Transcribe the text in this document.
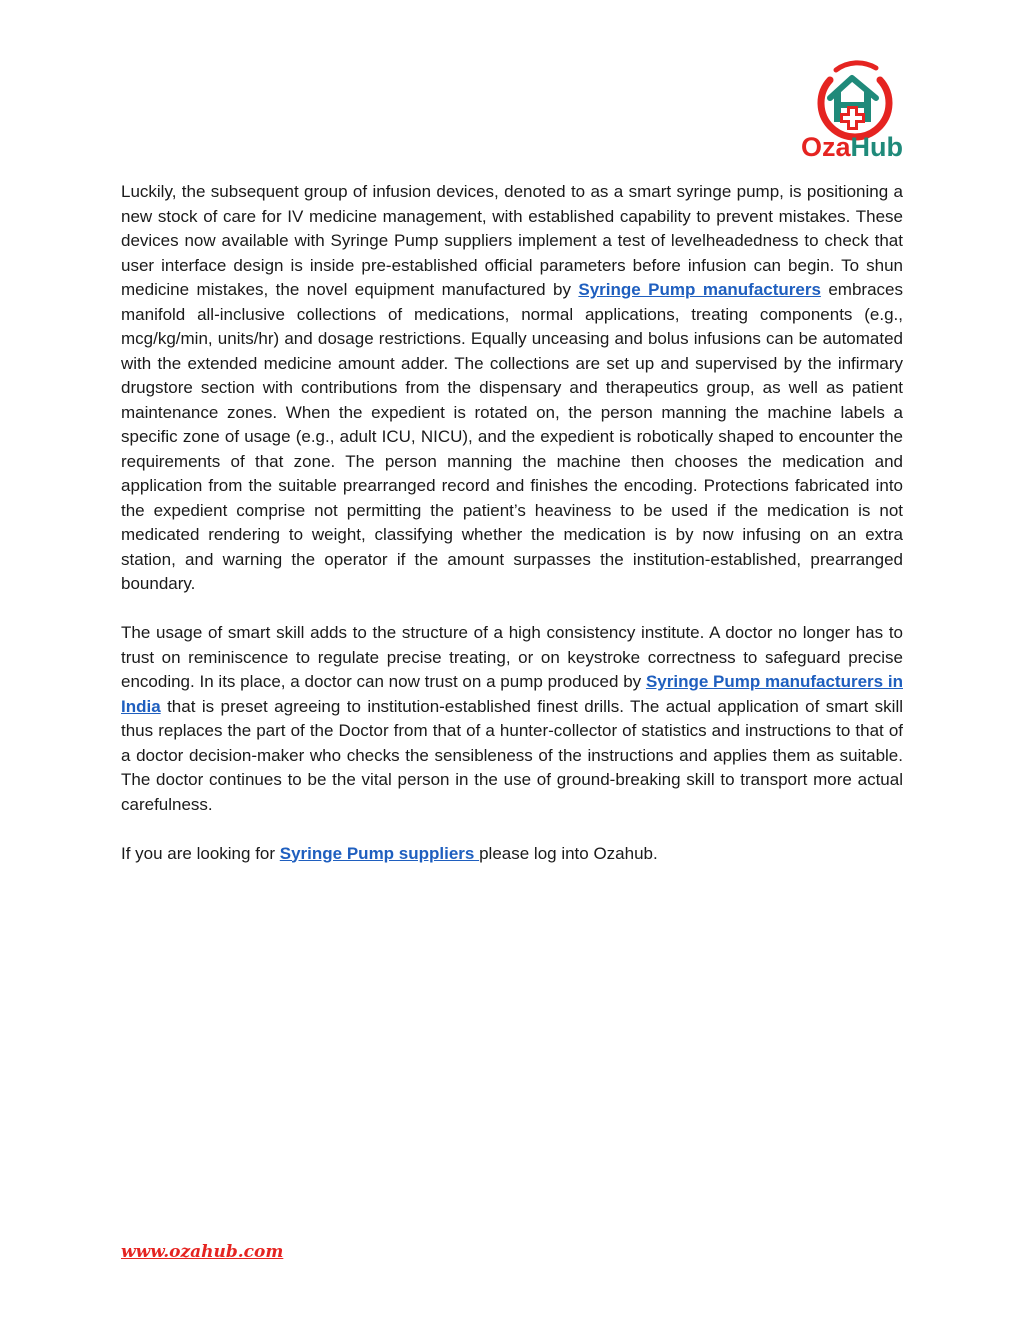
OzaHub

Luckily, the subsequent group of infusion devices, denoted to as a smart syringe pump, is positioning a new stock of care for IV medicine management, with established capability to prevent mistakes. These devices now available with Syringe Pump suppliers implement a test of levelheadedness to check that user interface design is inside pre-established official parameters before infusion can begin. To shun medicine mistakes, the novel equipment manufactured by Syringe Pump manufacturers embraces manifold all-inclusive collections of medications, normal applications, treating components (e.g., mcg/kg/min, units/hr) and dosage restrictions. Equally unceasing and bolus infusions can be automated with the extended medicine amount adder. The collections are set up and supervised by the infirmary drugstore section with contributions from the dispensary and therapeutics group, as well as patient maintenance zones. When the expedient is rotated on, the person manning the machine labels a specific zone of usage (e.g., adult ICU, NICU), and the expedient is robotically shaped to encounter the requirements of that zone. The person manning the machine then chooses the medication and application from the suitable prearranged record and finishes the encoding. Protections fabricated into the expedient comprise not permitting the patient’s heaviness to be used if the medication is not medicated rendering to weight, classifying whether the medication is by now infusing on an extra station, and warning the operator if the amount surpasses the institution-established, prearranged boundary.

The usage of smart skill adds to the structure of a high consistency institute. A doctor no longer has to trust on reminiscence to regulate precise treating, or on keystroke correctness to safeguard precise encoding. In its place, a doctor can now trust on a pump produced by Syringe Pump manufacturers in India that is preset agreeing to institution-established finest drills. The actual application of smart skill thus replaces the part of the Doctor from that of a hunter-collector of statistics and instructions to that of a doctor decision-maker who checks the sensibleness of the instructions and applies them as suitable. The doctor continues to be the vital person in the use of ground-breaking skill to transport more actual carefulness.

If you are looking for Syringe Pump suppliers please log into Ozahub.

www.ozahub.com
